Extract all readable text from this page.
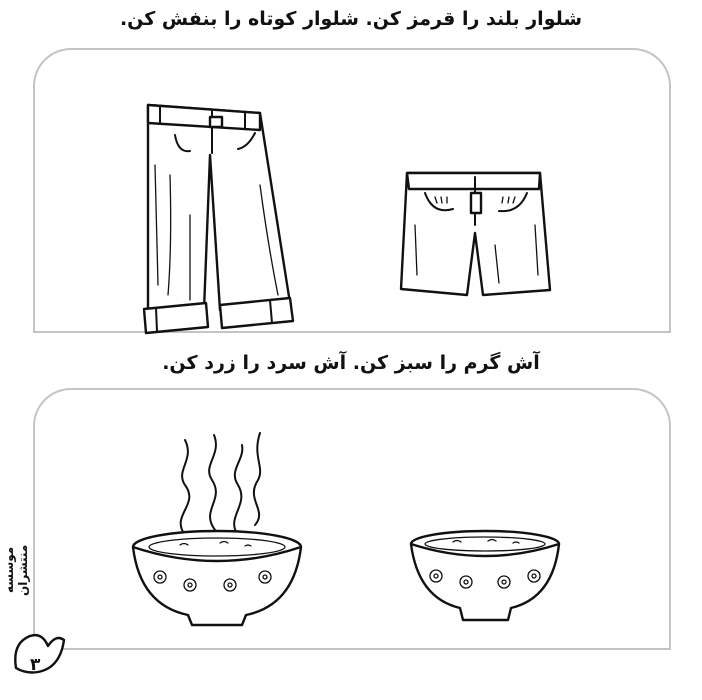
شلوار بلند را قرمز کن. شلوار کوتاه را بنفش کن.
آش گرم را سبز کن. آش سرد را زرد کن.
موسسه منتشران
۳
